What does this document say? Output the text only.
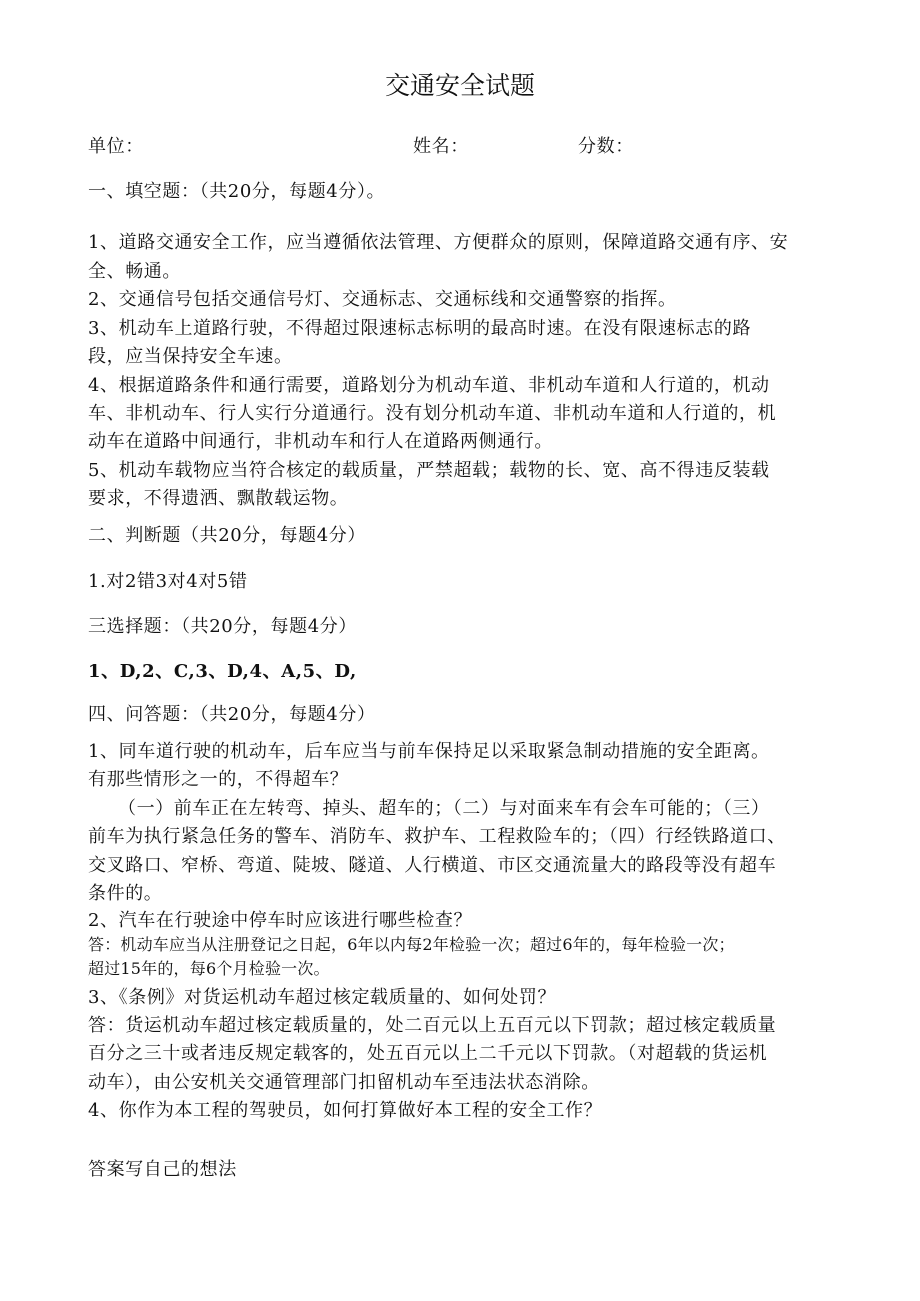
交通安全试题
单位：	姓名：	分数：
一、填空题：（共20分，每题4分）。
1、道路交通安全工作，应当遵循依法管理、方便群众的原则，保障道路交通有序、安
全、畅通。
2、交通信号包括交通信号灯、交通标志、交通标线和交通警察的指挥。
3、机动车上道路行驶，不得超过限速标志标明的最高时速。在没有限速标志的路
段，应当保持安全车速。
4、根据道路条件和通行需要，道路划分为机动车道、非机动车道和人行道的，机动
车、非机动车、行人实行分道通行。没有划分机动车道、非机动车道和人行道的，机
动车在道路中间通行，非机动车和行人在道路两侧通行。
5、机动车载物应当符合核定的载质量，严禁超载；载物的长、宽、高不得违反装载
要求，不得遗洒、飘散载运物。
二、判断题（共20分，每题4分）
1.对2错3对4对5错
三选择题：（共20分，每题4分）
1、D,2、C,3、D,4、A,5、D,
四、问答题：（共20分，每题4分）
1、同车道行驶的机动车，后车应当与前车保持足以采取紧急制动措施的安全距离。
有那些情形之一的，不得超车？
（一）前车正在左转弯、掉头、超车的；（二）与对面来车有会车可能的；（三）
前车为执行紧急任务的警车、消防车、救护车、工程救险车的；（四）行经铁路道口、
交叉路口、窄桥、弯道、陡坡、隧道、人行横道、市区交通流量大的路段等没有超车
条件的。
2、汽车在行驶途中停车时应该进行哪些检查？
答：机动车应当从注册登记之日起，6年以内每2年检验一次；超过6年的，每年检验一次；
超过15年的，每6个月检验一次。
3、《条例》对货运机动车超过核定载质量的、如何处罚？
答：货运机动车超过核定载质量的，处二百元以上五百元以下罚款；超过核定载质量
百分之三十或者违反规定载客的，处五百元以上二千元以下罚款。（对超载的货运机
动车），由公安机关交通管理部门扣留机动车至违法状态消除。
4、你作为本工程的驾驶员，如何打算做好本工程的安全工作？
答案写自己的想法
